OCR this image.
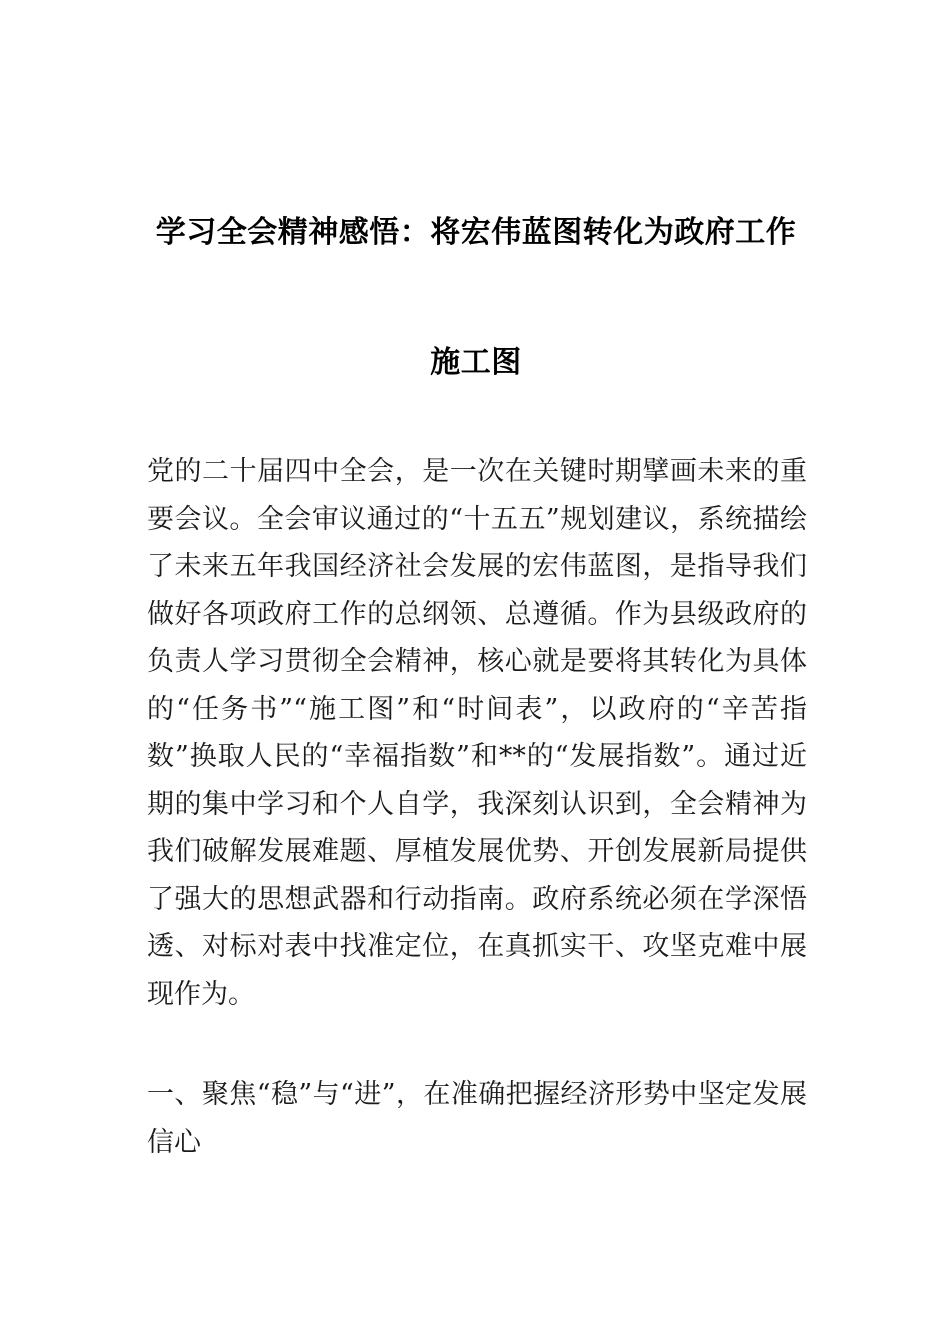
学习全会精神感悟：将宏伟蓝图转化为政府工作施工图

党的二十届四中全会，是一次在关键时期擘画未来的重要会议。全会审议通过的“十五五”规划建议，系统描绘了未来五年我国经济社会发展的宏伟蓝图，是指导我们做好各项政府工作的总纲领、总遵循。作为县级政府的负责人学习贯彻全会精神，核心就是要将其转化为具体的“任务书”“施工图”和“时间表”，以政府的“辛苦指数”换取人民的“幸福指数”和**的“发展指数”。通过近期的集中学习和个人自学，我深刻认识到，全会精神为我们破解发展难题、厚植发展优势、开创发展新局提供了强大的思想武器和行动指南。政府系统必须在学深悟透、对标对表中找准定位，在真抓实干、攻坚克难中展现作为。

一、聚焦“稳”与“进”，在准确把握经济形势中坚定发展信心
